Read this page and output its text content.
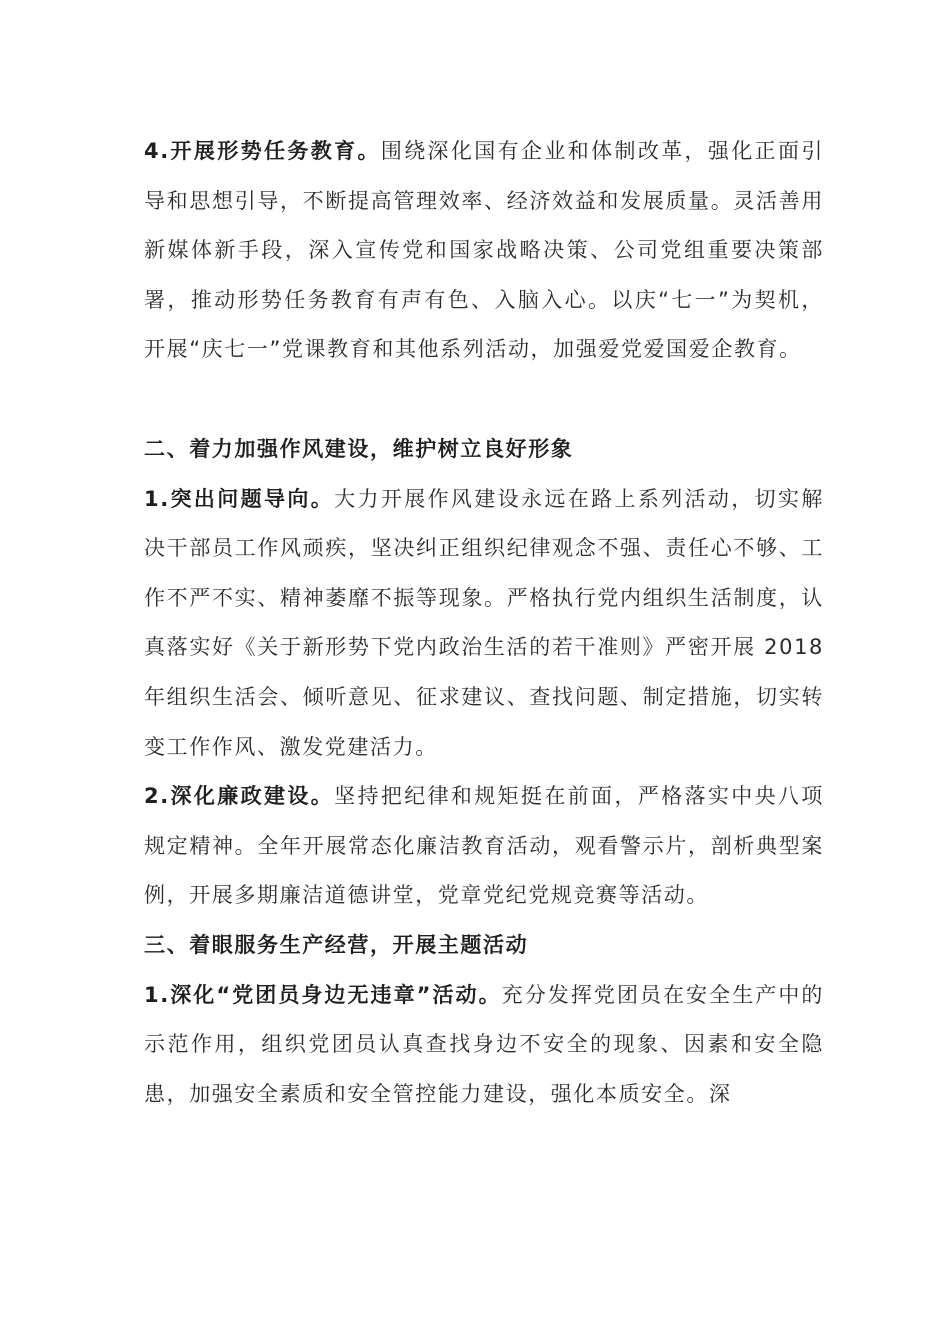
4.开展形势任务教育。围绕深化国有企业和体制改革，强化正面引导和思想引导，不断提高管理效率、经济效益和发展质量。灵活善用新媒体新手段，深入宣传党和国家战略决策、公司党组重要决策部署，推动形势任务教育有声有色、入脑入心。以庆“七一”为契机，开展“庆七一”党课教育和其他系列活动，加强爱党爱国爱企教育。

二、着力加强作风建设，维护树立良好形象

1.突出问题导向。大力开展作风建设永远在路上系列活动，切实解决干部员工作风顽疾，坚决纠正组织纪律观念不强、责任心不够、工作不严不实、精神萎靡不振等现象。严格执行党内组织生活制度，认真落实好《关于新形势下党内政治生活的若干准则》严密开展 2018 年组织生活会、倾听意见、征求建议、查找问题、制定措施，切实转变工作作风、激发党建活力。

2.深化廉政建设。坚持把纪律和规矩挺在前面，严格落实中央八项规定精神。全年开展常态化廉洁教育活动，观看警示片，剖析典型案例，开展多期廉洁道德讲堂，党章党纪党规竞赛等活动。

三、着眼服务生产经营，开展主题活动

1.深化“党团员身边无违章”活动。充分发挥党团员在安全生产中的示范作用，组织党团员认真查找身边不安全的现象、因素和安全隐患，加强安全素质和安全管控能力建设，强化本质安全。深
